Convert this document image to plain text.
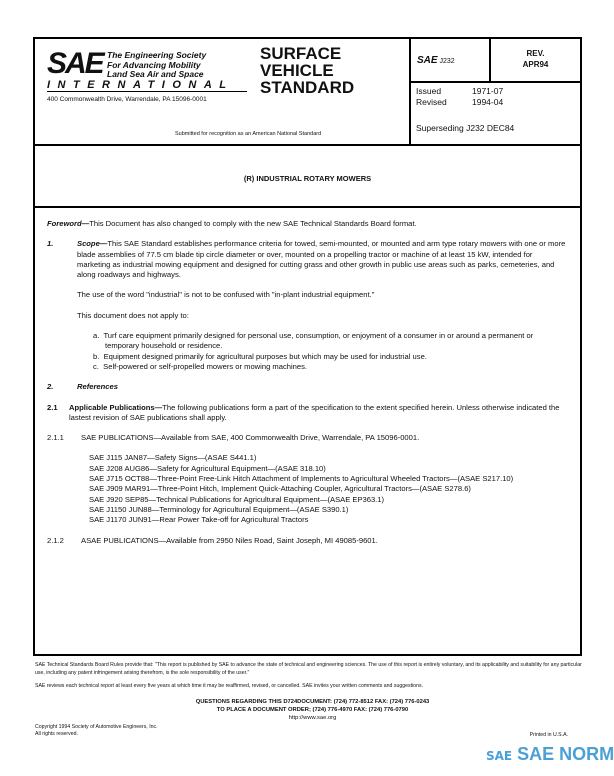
SAE The Engineering Society
For Advancing Mobility
Land Sea Air and Space
INTERNATIONAL
400 Commonwealth Drive, Warrendale, PA 15096-0001
SURFACE
VEHICLE
STANDARD
Submitted for recognition as an American National Standard
SAE J232
REV.
APR94
Issued	1971-07
Revised	1994-04
Superseding J232 DEC84
(R) INDUSTRIAL ROTARY MOWERS
Foreword—This Document has also changed to comply with the new SAE Technical Standards Board format.
1.	Scope—This SAE Standard establishes performance criteria for towed, semi-mounted, or mounted and arm type rotary mowers with one or more blade assemblies of 77.5 cm blade tip circle diameter or over, mounted on a propelling tractor or machine of at least 15 kW, intended for marketing as industrial mowing equipment and designed for cutting grass and other growth in public use areas such as parks, cemeteries, and along roadways and highways.
The use of the word "industrial" is not to be confused with "in-plant industrial equipment."
This document does not apply to:
a. Turf care equipment primarily designed for personal use, consumption, or enjoyment of a consumer in or around a permanent or temporary household or residence.
b. Equipment designed primarily for agricultural purposes but which may be used for industrial use.
c. Self-powered or self-propelled mowers or mowing machines.
2.	References
2.1 Applicable Publications—The following publications form a part of the specification to the extent specified herein. Unless otherwise indicated the lastest revision of SAE publications shall apply.
2.1.1 SAE PUBLICATIONS—Available from SAE, 400 Commonwealth Drive, Warrendale, PA 15096-0001.
SAE J115 JAN87—Safety Signs—(ASAE S441.1)
SAE J208 AUG86—Safety for Agricultural Equipment—(ASAE 318.10)
SAE J715 OCT88—Three-Point Free-Link Hitch Attachment of Implements to Agricultural Wheeled Tractors—(ASAE S217.10)
SAE J909 MAR91—Three-Point Hitch, Implement Quick-Attaching Coupler, Agricultural Tractors—(ASAE S278.6)
SAE J920 SEP85—Technical Publications for Agricultural Equipment—(ASAE EP363.1)
SAE J1150 JUN88—Terminology for Agricultural Equipment—(ASAE S390.1)
SAE J1170 JUN91—Rear Power Take-off for Agricultural Tractors
2.1.2 ASAE PUBLICATIONS—Available from 2950 Niles Road, Saint Joseph, MI 49085-9601.
SAE Technical Standards Board Rules provide that: "This report is published by SAE to advance the state of technical and engineering sciences. The use of this report is entirely voluntary, and its applicability and suitability for any particular use, including any patent infringement arising therefrom, is the sole responsibility of the user."
SAE reviews each technical report at least every five years at which time it may be reaffirmed, revised, or cancelled. SAE invites your written comments and suggestions.
QUESTIONS REGARDING THIS D724DOCUMENT: (724) 772-8512 FAX: (724) 776-0243
TO PLACE A DOCUMENT ORDER; (724) 776-4970 FAX: (724) 776-0790
http://www.sae.org
Copyright 1994 Society of Automotive Engineers, Inc.
All rights reserved.	Printed in U.S.A.
SAE SAE NORM
